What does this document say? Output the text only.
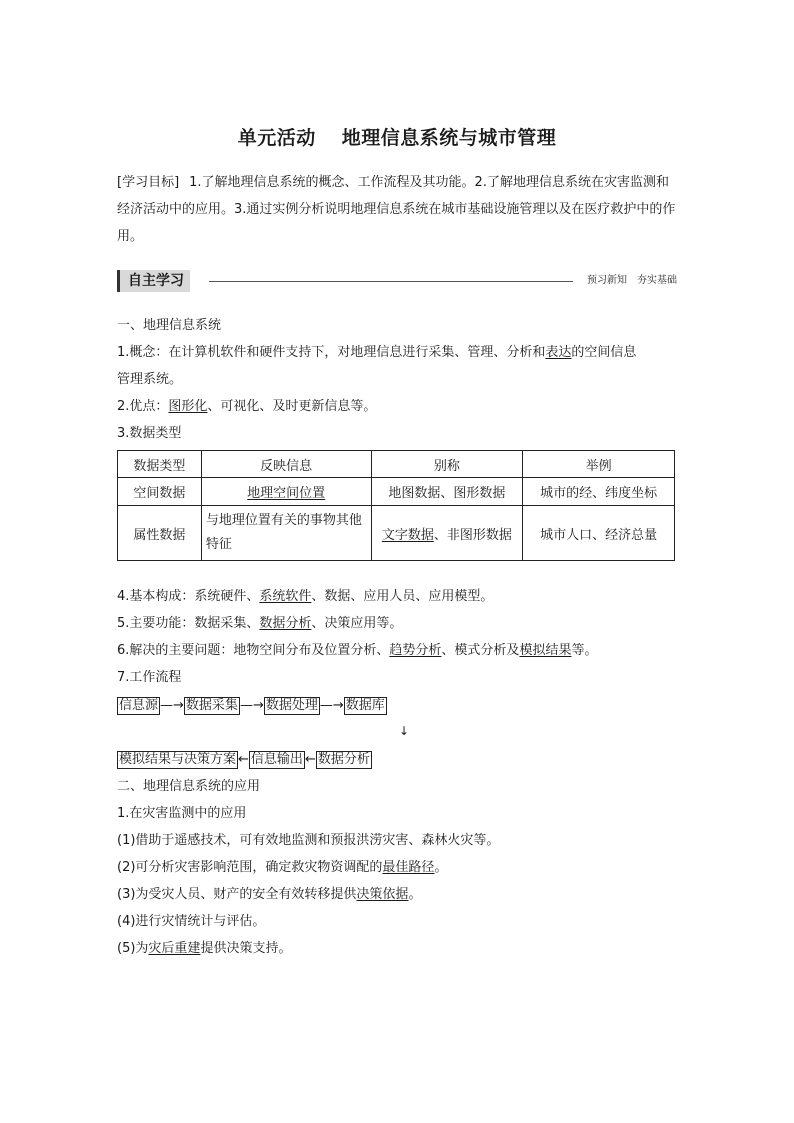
单元活动 地理信息系统与城市管理
[学习目标] 1.了解地理信息系统的概念、工作流程及其功能。2.了解地理信息系统在灾害监测和经济活动中的应用。3.通过实例分析说明地理信息系统在城市基础设施管理以及在医疗救护中的作用。
自主学习	预习新知　夯实基础
一、地理信息系统
1.概念：在计算机软件和硬件支持下，对地理信息进行采集、管理、分析和表达的空间信息
管理系统。
2.优点：图形化、可视化、及时更新信息等。
3.数据类型
数据类型	反映信息	别称	举例
空间数据	地理空间位置	地图数据、图形数据	城市的经、纬度坐标
属性数据	与地理位置有关的事物其他特征	文字数据、非图形数据	城市人口、经济总量
4.基本构成：系统硬件、系统软件、数据、应用人员、应用模型。
5.主要功能：数据采集、数据分析、决策应用等。
6.解决的主要问题：地物空间分布及位置分析、趋势分析、模式分析及模拟结果等。
7.工作流程
信息源 —→ 数据采集 —→ 数据处理 —→ 数据库
↓
模拟结果与决策方案 ← 信息输出 ← 数据分析
二、地理信息系统的应用
1.在灾害监测中的应用
(1)借助于遥感技术，可有效地监测和预报洪涝灾害、森林火灾等。
(2)可分析灾害影响范围，确定救灾物资调配的最佳路径。
(3)为受灾人员、财产的安全有效转移提供决策依据。
(4)进行灾情统计与评估。
(5)为灾后重建提供决策支持。
